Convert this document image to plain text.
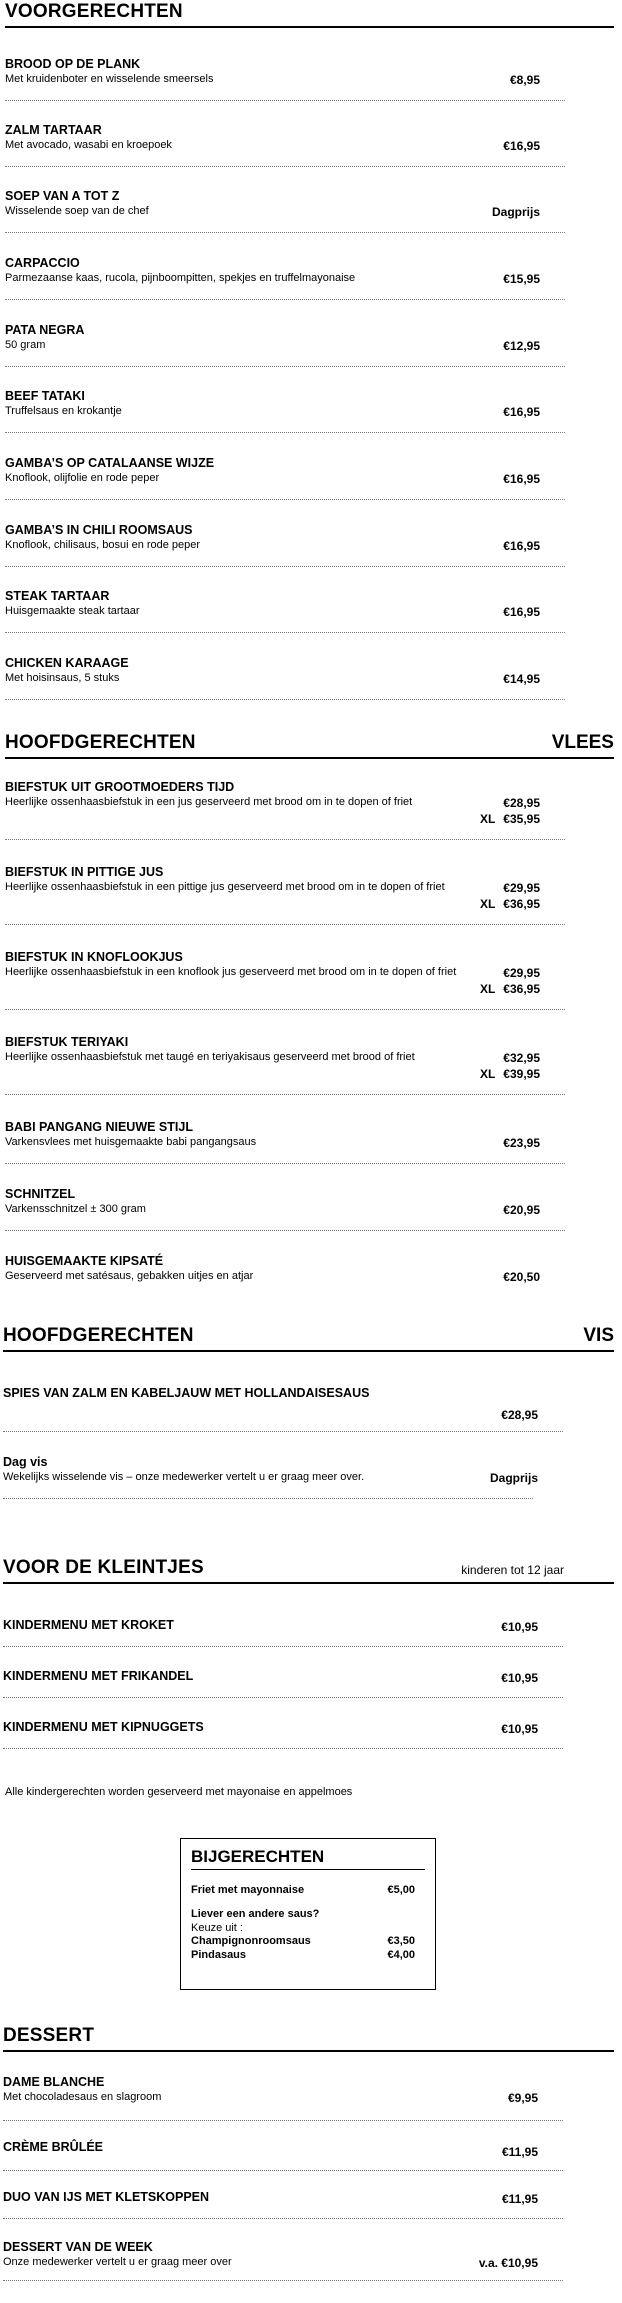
VOORGERECHTEN
BROOD OP DE PLANK
Met kruidenboter en wisselende smeersels	€8,95
ZALM TARTAAR
Met avocado, wasabi en kroepoek	€16,95
SOEP VAN A TOT Z
Wisselende soep van de chef	Dagprijs
CARPACCIO
Parmezaanse kaas, rucola, pijnboompitten, spekjes en truffelmayonaise	€15,95
PATA NEGRA
50 gram	€12,95
BEEF TATAKI
Truffelsaus en krokantje	€16,95
GAMBA’S OP CATALAANSE WIJZE
Knoflook, olijfolie en rode peper	€16,95
GAMBA’S IN CHILI ROOMSAUS
Knoflook, chilisaus, bosui en rode peper	€16,95
STEAK TARTAAR
Huisgemaakte steak tartaar	€16,95
CHICKEN KARAAGE
Met hoisinsaus, 5 stuks	€14,95
HOOFDGERECHTEN	VLEES
BIEFSTUK UIT GROOTMOEDERS TIJD
Heerlijke ossenhaasbiefstuk in een jus geserveerd met brood om in te dopen of friet	€28,95
XL €35,95
BIEFSTUK IN PITTIGE JUS
Heerlijke ossenhaasbiefstuk in een pittige jus geserveerd met brood om in te dopen of friet	€29,95
XL €36,95
BIEFSTUK IN KNOFLOOKJUS
Heerlijke ossenhaasbiefstuk in een knoflook jus geserveerd met brood om in te dopen of friet	€29,95
XL €36,95
BIEFSTUK TERIYAKI
Heerlijke ossenhaasbiefstuk met taugé en teriyakisaus geserveerd met brood of friet	€32,95
XL €39,95
BABI PANGANG NIEUWE STIJL
Varkensvlees met huisgemaakte babi pangangsaus	€23,95
SCHNITZEL
Varkensschnitzel ± 300 gram	€20,95
HUISGEMAAKTE KIPSATÉ
Geserveerd met satésaus, gebakken uitjes en atjar	€20,50
HOOFDGERECHTEN	VIS
SPIES VAN ZALM EN KABELJAUW MET HOLLANDAISESAUS
€28,95
Dag vis
Wekelijks wisselende vis – onze medewerker vertelt u er graag meer over.	Dagprijs
VOOR DE KLEINTJES	kinderen tot 12 jaar
KINDERMENU MET KROKET	€10,95
KINDERMENU MET FRIKANDEL	€10,95
KINDERMENU MET KIPNUGGETS	€10,95
Alle kindergerechten worden geserveerd met mayonaise en appelmoes
BIJGERECHTEN
Friet met mayonnaise	€5,00
Liever een andere saus?
Keuze uit :
Champignonroomsaus	€3,50
Pindasaus	€4,00
DESSERT
DAME BLANCHE
Met chocoladesaus en slagroom	€9,95
CRÈME BRÛLÉE	€11,95
DUO VAN IJS MET KLETSKOPPEN	€11,95
DESSERT VAN DE WEEK
Onze medewerker vertelt u er graag meer over	v.a. €10,95
